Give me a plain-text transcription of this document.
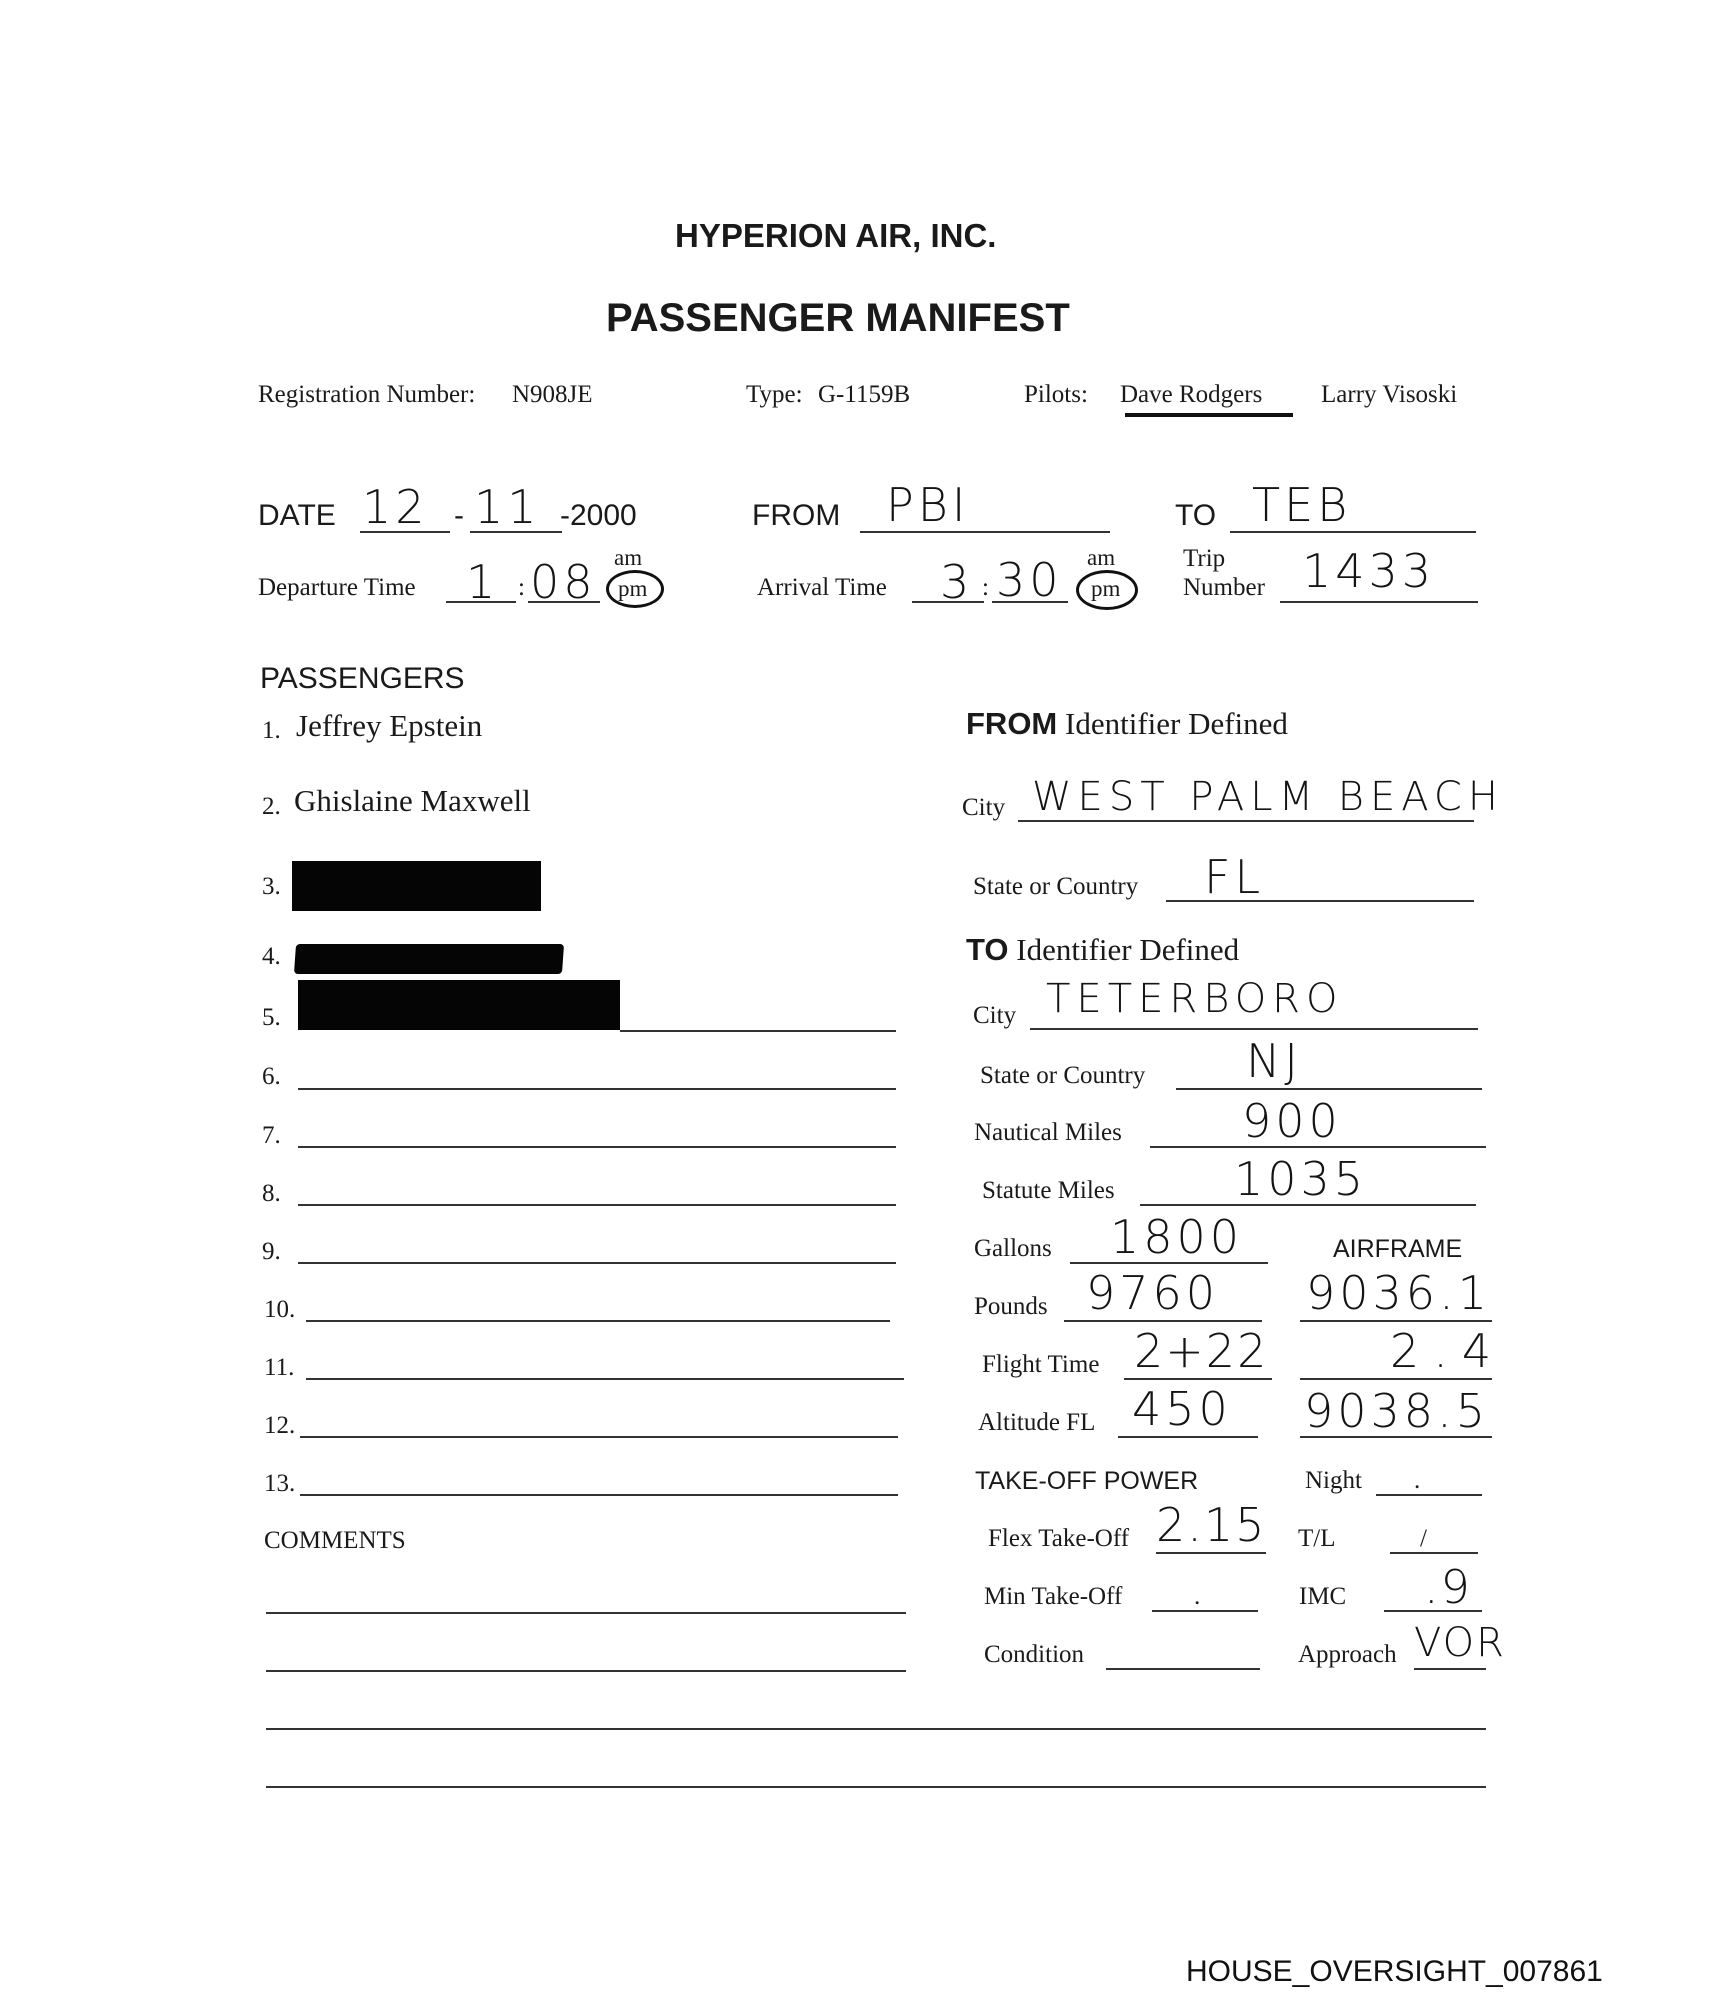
HYPERION AIR, INC.
PASSENGER MANIFEST
Registration Number: N908JE	Type: G-1159B	Pilots: Dave Rodgers Larry Visoski
DATE 12 - 11 -2000	FROM PBI	TO TEB
Departure Time 1 : 08 am
pm	Arrival Time 3 : 30 am
pm
Trip
Number 1433
PASSENGERS
1. Jeffrey Epstein
2. Ghislaine Maxwell
3.
4.
5.
6.
7.
8.
9.
10.
11.
12.
13.
COMMENTS
FROM Identifier Defined
City WEST PALM BEACH
State or Country FL
TO Identifier Defined
City TETERBORO
State or Country NJ
Nautical Miles	900
Statute Miles	1035
Gallons 1800	AIRFRAME
Pounds 9760 9036.1
Flight Time 2+22	2.4
Altitude FL 450 9038.5
TAKE-OFF POWER	Night .
Flex Take-Off 2.15 T/L	/
Min Take-Off	.	IMC .9
Condition	Approach VOR
HOUSE_OVERSIGHT_007861
